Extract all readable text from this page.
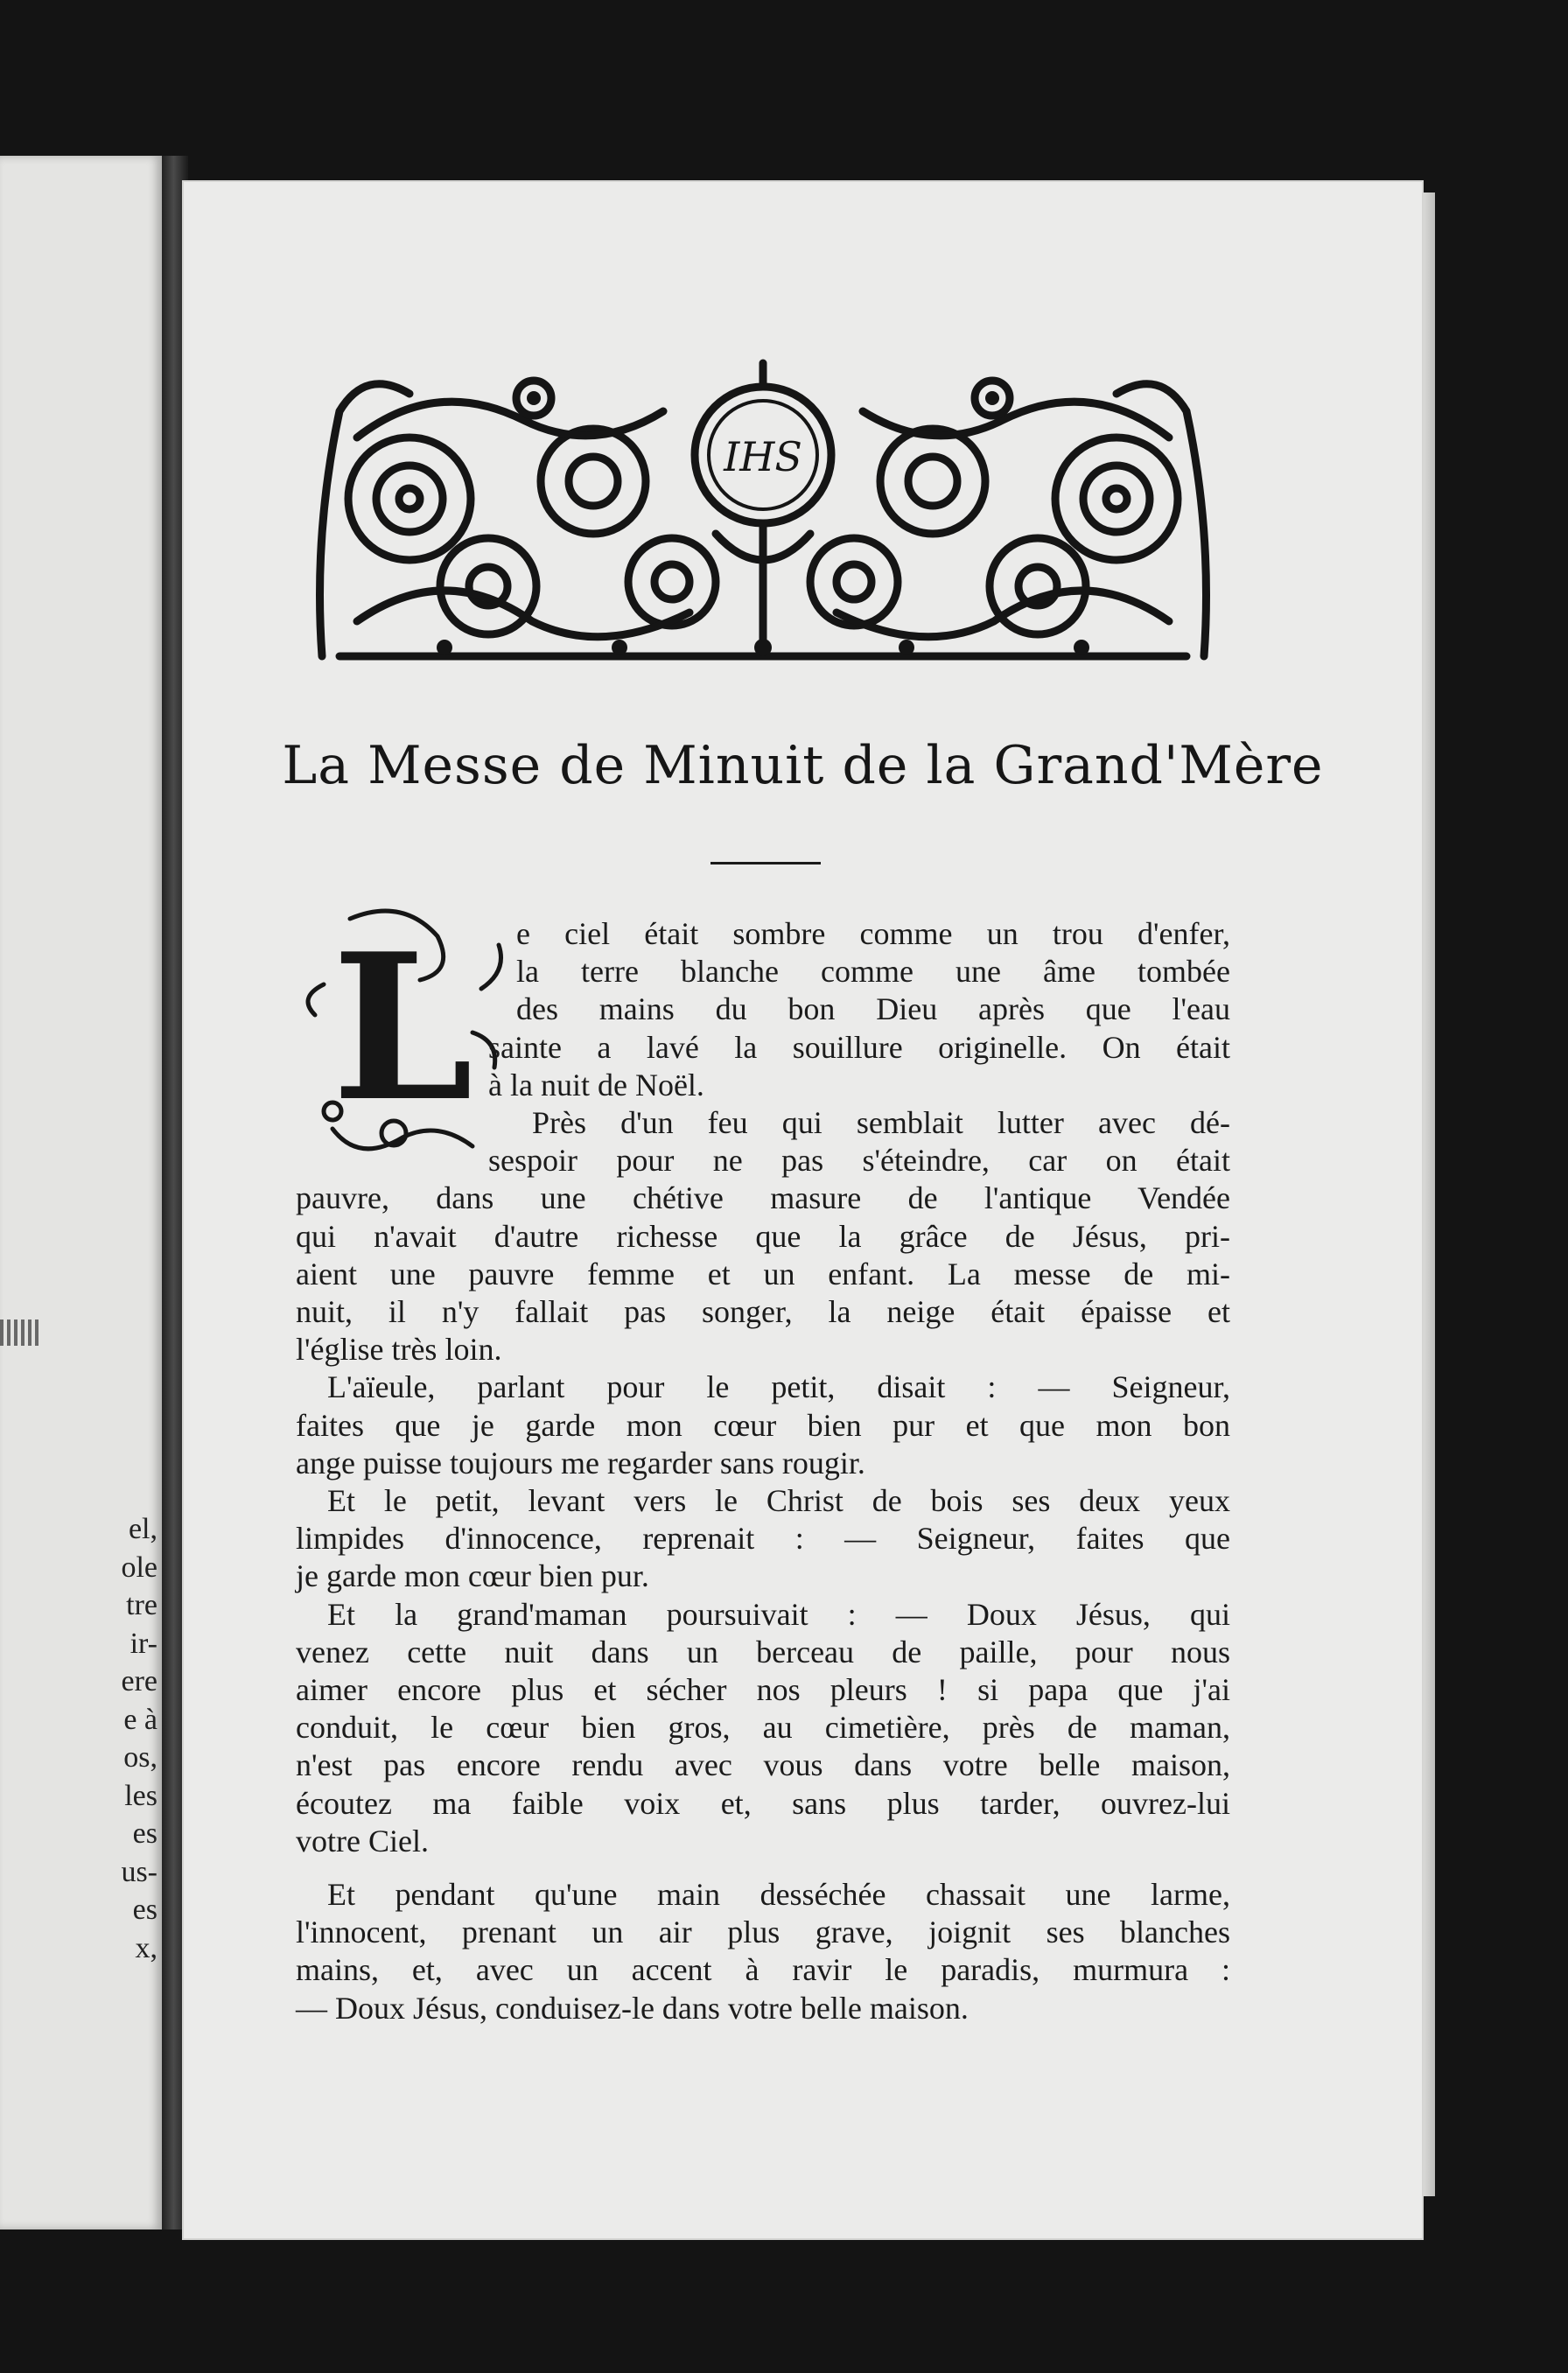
el,
ole
tre
ir-
ere
e à
os,
les
es
us-
es
x,
IHS
La Messe de Minuit de la Grand'Mère
L	e ciel était sombre comme un trou d'enfer,
la terre blanche comme une âme tombée
des mains du bon Dieu après que l'eau
sainte a lavé la souillure originelle. On était
à la nuit de Noël.

Près d'un feu qui semblait lutter avec dé-
sespoir pour ne pas s'éteindre, car on était
pauvre, dans une chétive masure de l'antique Vendée
qui n'avait d'autre richesse que la grâce de Jésus, pri-
aient une pauvre femme et un enfant. La messe de mi-
nuit, il n'y fallait pas songer, la neige était épaisse et
l'église très loin.

L'aïeule, parlant pour le petit, disait : — Seigneur,
faites que je garde mon cœur bien pur et que mon bon
ange puisse toujours me regarder sans rougir.

Et le petit, levant vers le Christ de bois ses deux yeux
limpides d'innocence, reprenait : — Seigneur, faites que
je garde mon cœur bien pur.

Et la grand'maman poursuivait : — Doux Jésus, qui
venez cette nuit dans un berceau de paille, pour nous
aimer encore plus et sécher nos pleurs ! si papa que j'ai
conduit, le cœur bien gros, au cimetière, près de maman,
n'est pas encore rendu avec vous dans votre belle maison,
écoutez ma faible voix et, sans plus tarder, ouvrez-lui
votre Ciel.

Et pendant qu'une main desséchée chassait une larme,
l'innocent, prenant un air plus grave, joignit ses blanches
mains, et, avec un accent à ravir le paradis, murmura :
— Doux Jésus, conduisez-le dans votre belle maison.
